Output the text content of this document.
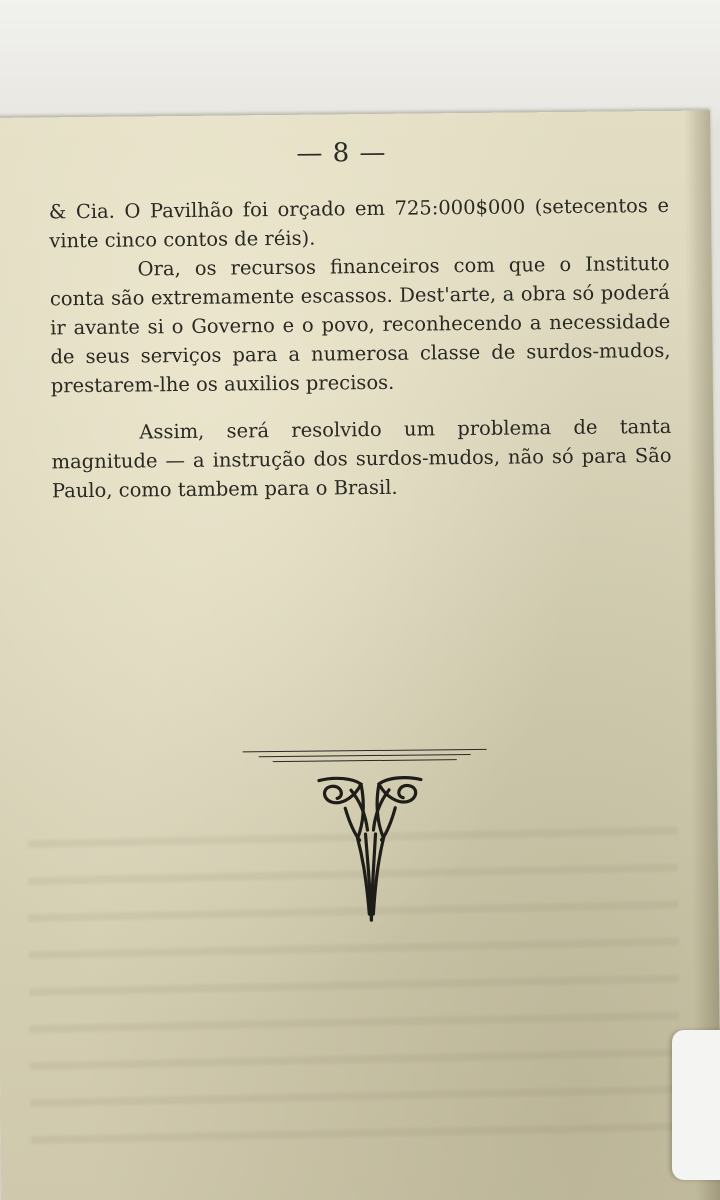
— 8 —

& Cia. O Pavilhão foi orçado em 725:000$000 (setecentos e vinte cinco contos de réis).

Ora, os recursos financeiros com que o Instituto conta são extremamente escassos. Dest'arte, a obra só poderá ir avante si o Governo e o povo, reconhecendo a necessidade de seus serviços para a numerosa classe de surdos-mudos, prestarem-lhe os auxilios precisos.

Assim, será resolvido um problema de tanta magnitude — a instrução dos surdos-mudos, não só para São Paulo, como tambem para o Brasil.
